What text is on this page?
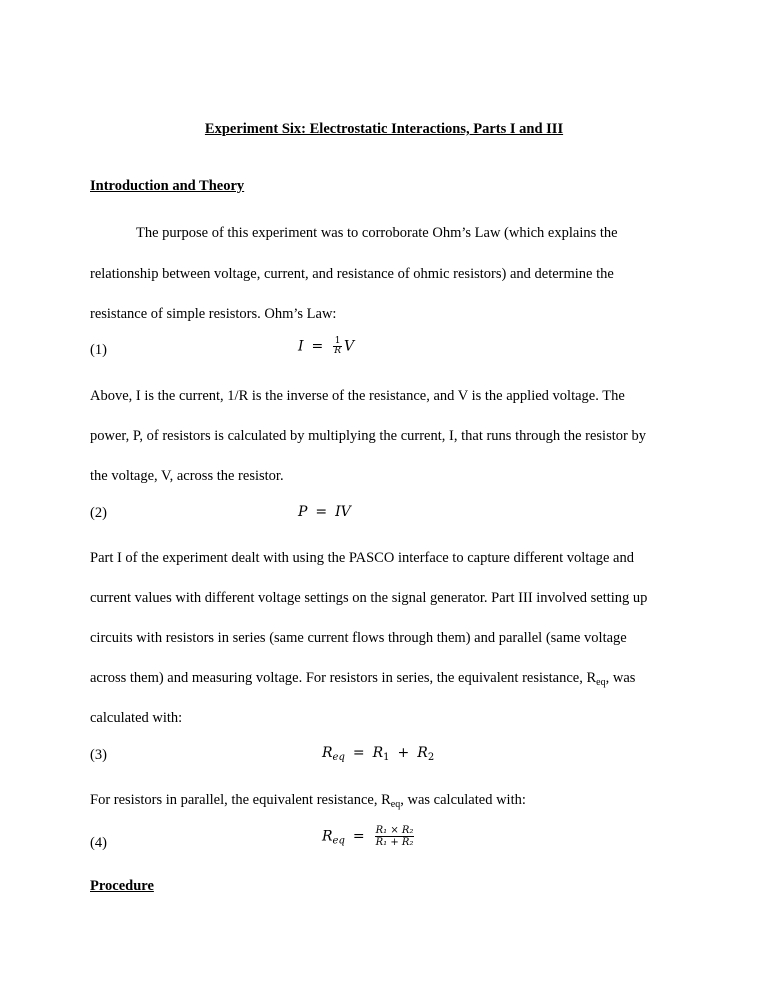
Experiment Six: Electrostatic Interactions, Parts I and III
Introduction and Theory
The purpose of this experiment was to corroborate Ohm’s Law (which explains the
relationship between voltage, current, and resistance of ohmic resistors) and determine the
resistance of simple resistors. Ohm’s Law:
(1)	$I = \frac{1}{R}$ V
Above, I is the current, 1/R is the inverse of the resistance, and V is the applied voltage. The
power, P, of resistors is calculated by multiplying the current, I, that runs through the resistor by
the voltage, V, across the resistor.
(2)	P = IV
Part I of the experiment dealt with using the PASCO interface to capture different voltage and
current values with different voltage settings on the signal generator. Part III involved setting up
circuits with resistors in series (same current flows through them) and parallel (same voltage
across them) and measuring voltage. For resistors in series, the equivalent resistance, $R_{eq}$, was
calculated with:
(3)	$R_{eq} = R_1 + R_2$
For resistors in parallel, the equivalent resistance, $R_{eq}$, was calculated with:
(4)	$R_{eq} = \frac{\text{R₁ × R₂}}{\text{R₁ + R₂}}$
Procedure
